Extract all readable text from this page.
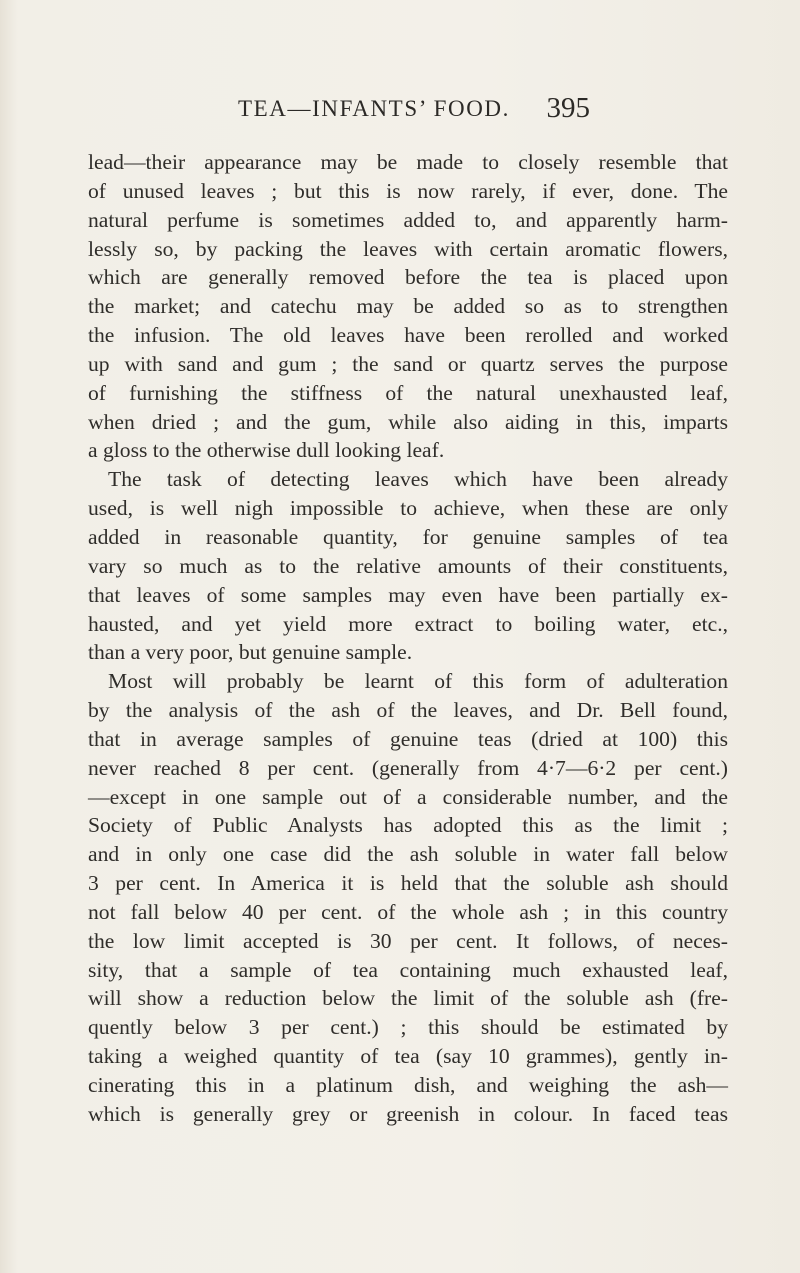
TEA—INFANTS’ FOOD. 395

lead—their appearance may be made to closely resemble that
of unused leaves ; but this is now rarely, if ever, done. The
natural perfume is sometimes added to, and apparently harm-
lessly so, by packing the leaves with certain aromatic flowers,
which are generally removed before the tea is placed upon
the market; and catechu may be added so as to strengthen
the infusion. The old leaves have been rerolled and worked
up with sand and gum ; the sand or quartz serves the purpose
of furnishing the stiffness of the natural unexhausted leaf,
when dried ; and the gum, while also aiding in this, imparts
a gloss to the otherwise dull looking leaf.

The task of detecting leaves which have been already
used, is well nigh impossible to achieve, when these are only
added in reasonable quantity, for genuine samples of tea
vary so much as to the relative amounts of their constituents,
that leaves of some samples may even have been partially ex-
hausted, and yet yield more extract to boiling water, etc.,
than a very poor, but genuine sample.

Most will probably be learnt of this form of adulteration
by the analysis of the ash of the leaves, and Dr. Bell found,
that in average samples of genuine teas (dried at 100) this
never reached 8 per cent. (generally from 4·7—6·2 per cent.)
—except in one sample out of a considerable number, and the
Society of Public Analysts has adopted this as the limit ;
and in only one case did the ash soluble in water fall below
3 per cent. In America it is held that the soluble ash should
not fall below 40 per cent. of the whole ash ; in this country
the low limit accepted is 30 per cent. It follows, of neces-
sity, that a sample of tea containing much exhausted leaf,
will show a reduction below the limit of the soluble ash (fre-
quently below 3 per cent.) ; this should be estimated by
taking a weighed quantity of tea (say 10 grammes), gently in-
cinerating this in a platinum dish, and weighing the ash—
which is generally grey or greenish in colour. In faced teas
